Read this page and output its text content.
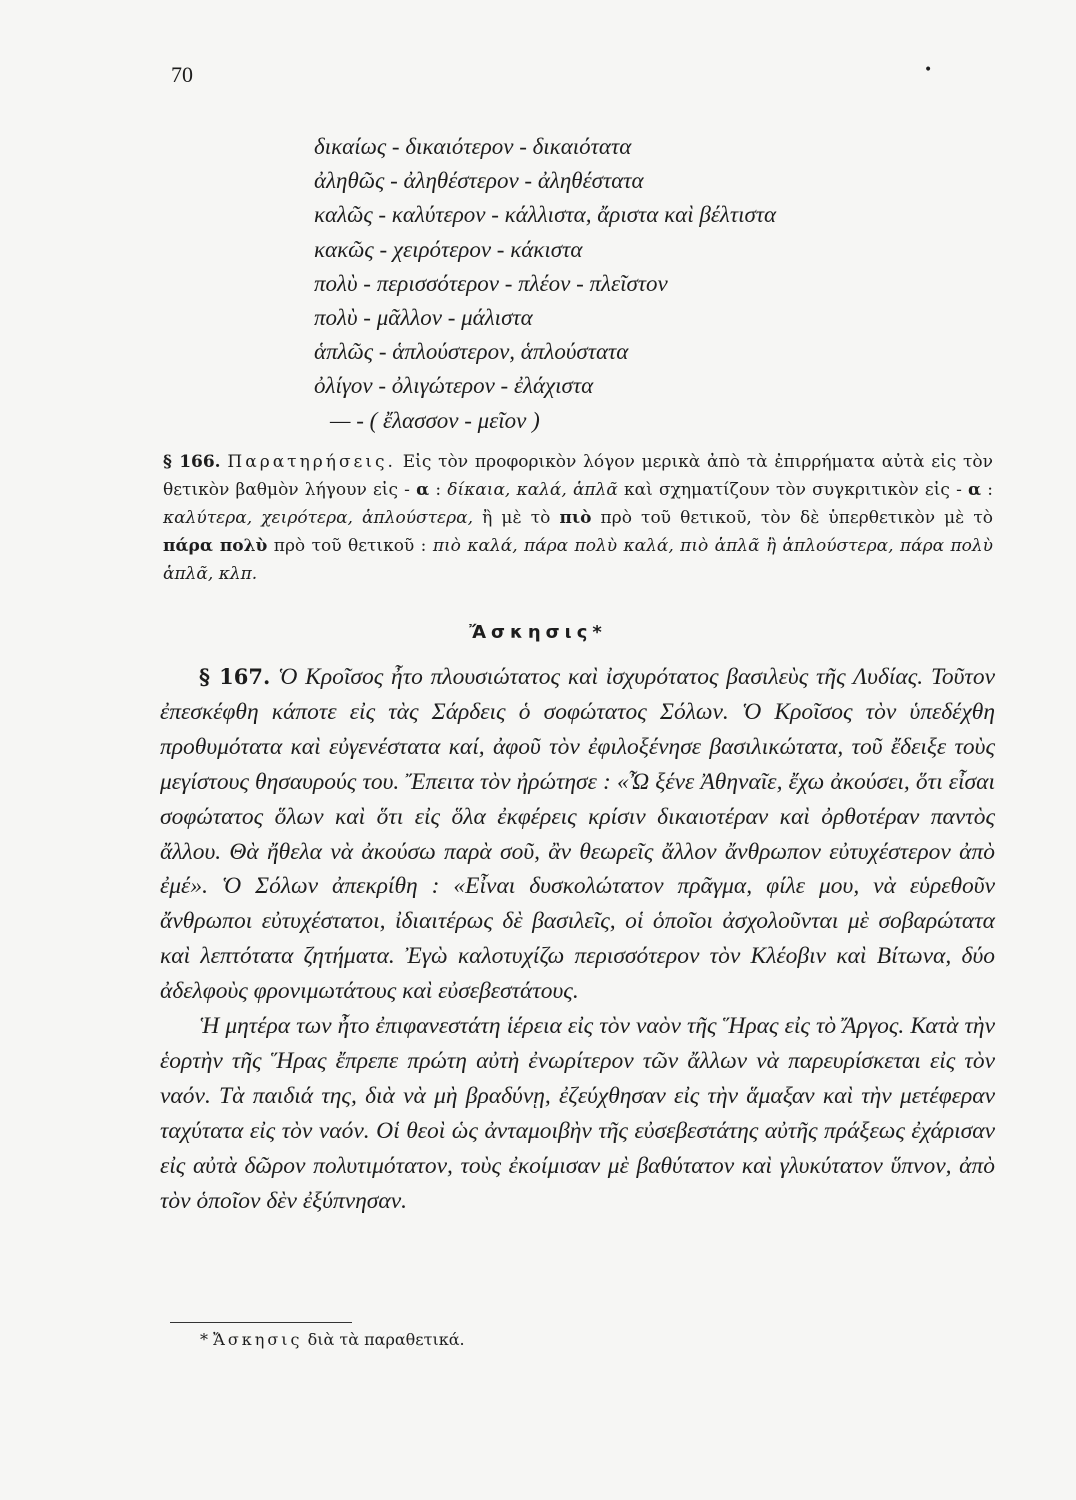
70	•
δικαίως - δικαιότερον - δικαιότατα
ἀληθῶς - ἀληθέστερον - ἀληθέστατα
καλῶς - καλύτερον - κάλλιστα, ἄριστα καὶ βέλτιστα
κακῶς - χειρότερον - κάκιστα
πολὺ - περισσότερον - πλέον - πλεῖστον
πολὺ - μᾶλλον - μάλιστα
ἁπλῶς - ἁπλούστερον, ἁπλούστατα
ὀλίγον - ὀλιγώτερον - ἐλάχιστα
— - ( ἔλασσον - μεῖον )

§ 166. Παρατηρήσεις. Εἰς τὸν προφορικὸν λόγον μερικὰ ἀπὸ τὰ ἐπιρρήματα αὐτὰ εἰς τὸν θετικὸν βαθμὸν λήγουν εἰς - α : δίκαια, καλά, ἁπλᾶ καὶ σχηματίζουν τὸν συγκριτικὸν εἰς - α : καλύτερα, χειρότερα, ἁπλούστερα, ἢ μὲ τὸ πιὸ πρὸ τοῦ θετικοῦ, τὸν δὲ ὑπερθετικὸν μὲ τὸ πάρα πολὺ πρὸ τοῦ θετικοῦ : πιὸ καλά, πάρα πολὺ καλά, πιὸ ἁπλᾶ ἢ ἁπλούστερα, πάρα πολὺ ἁπλᾶ, κλπ.

Ἄσκησις*

§ 167. Ὁ Κροῖσος ἦτο πλουσιώτατος καὶ ἰσχυρότατος βασιλεὺς τῆς Λυδίας. Τοῦτον ἐπεσκέφθη κάποτε εἰς τὰς Σάρδεις ὁ σοφώτατος Σόλων. Ὁ Κροῖσος τὸν ὑπεδέχθη προθυμότατα καὶ εὐγενέστατα καί, ἀφοῦ τὸν ἐφιλοξένησε βασιλικώτατα, τοῦ ἔδειξε τοὺς μεγίστους θησαυρούς του. Ἔπειτα τὸν ἠρώτησε : «Ὦ ξένε Ἀθηναῖε, ἔχω ἀκούσει, ὅτι εἶσαι σοφώτατος ὅλων καὶ ὅτι εἰς ὅλα ἐκφέρεις κρίσιν δικαιοτέραν καὶ ὀρθοτέραν παντὸς ἄλλου. Θὰ ἤθελα νὰ ἀκούσω παρὰ σοῦ, ἂν θεωρεῖς ἄλλον ἄνθρωπον εὐτυχέστερον ἀπὸ ἐμέ». Ὁ Σόλων ἀπεκρίθη : «Εἶναι δυσκολώτατον πρᾶγμα, φίλε μου, νὰ εὑρεθοῦν ἄνθρωποι εὐτυχέστατοι, ἰδιαιτέρως δὲ βασιλεῖς, οἱ ὁποῖοι ἀσχολοῦνται μὲ σοβαρώτατα καὶ λεπτότατα ζητήματα. Ἐγὼ καλοτυχίζω περισσότερον τὸν Κλέοβιν καὶ Βίτωνα, δύο ἀδελφοὺς φρονιμωτάτους καὶ εὐσεβεστάτους.
Ἡ μητέρα των ἦτο ἐπιφανεστάτη ἱέρεια εἰς τὸν ναὸν τῆς Ἥρας εἰς τὸ Ἄργος. Κατὰ τὴν ἑορτὴν τῆς Ἥρας ἔπρεπε πρώτη αὐτὴ ἐνωρίτερον τῶν ἄλλων νὰ παρευρίσκεται εἰς τὸν ναόν. Τὰ παιδιά της, διὰ νὰ μὴ βραδύνῃ, ἐζεύχθησαν εἰς τὴν ἅμαξαν καὶ τὴν μετέφεραν ταχύτατα εἰς τὸν ναόν. Οἱ θεοὶ ὡς ἀνταμοιβὴν τῆς εὐσεβεστάτης αὐτῆς πράξεως ἐχάρισαν εἰς αὐτὰ δῶρον πολυτιμότατον, τοὺς ἐκοίμισαν μὲ βαθύτατον καὶ γλυκύτατον ὕπνον, ἀπὸ τὸν ὁποῖον δὲν ἐξύπνησαν.

* Ἄσκησις διὰ τὰ παραθετικά.
